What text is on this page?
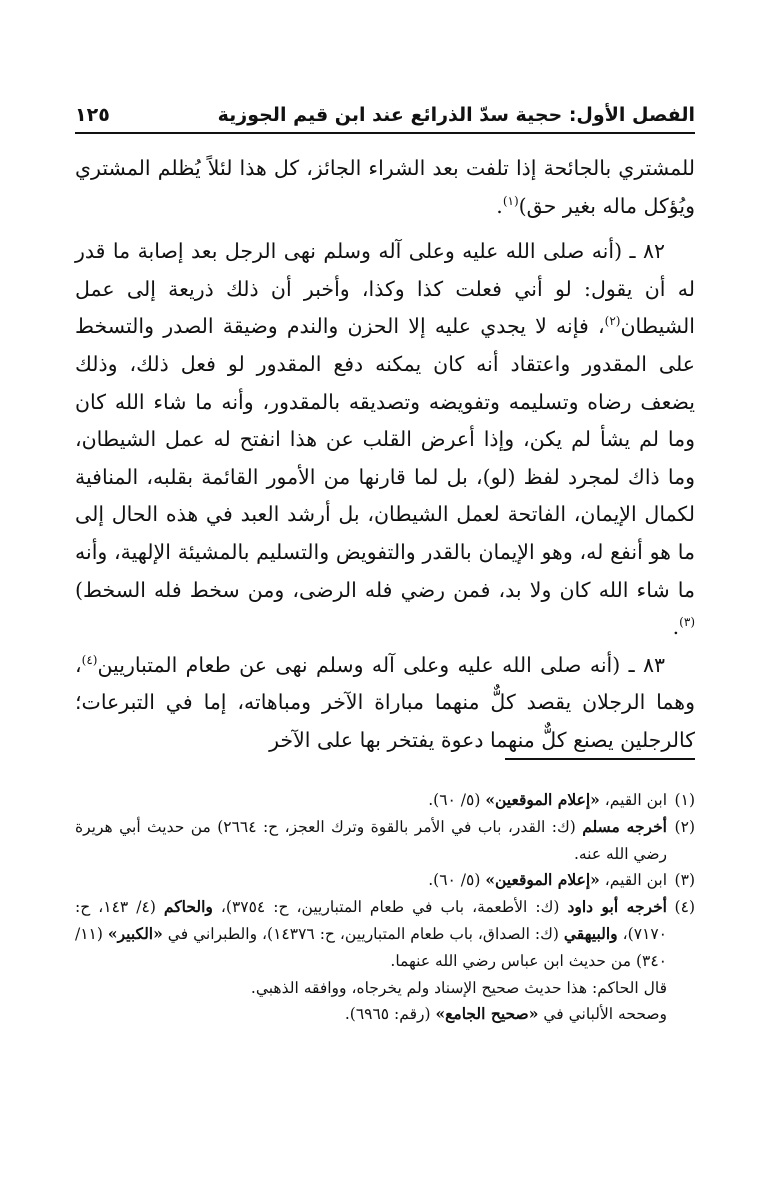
الفصل الأول: حجية سدّ الذرائع عند ابن قيم الجوزية
١٢٥

للمشتري بالجائحة إذا تلفت بعد الشراء الجائز، كل هذا لئلاً يُظلم المشتري ويُؤكل ماله بغير حق)$^{(١)}$.

٨٢ ـ (أنه صلى الله عليه وعلى آله وسلم نهى الرجل بعد إصابة ما قدر له أن يقول: لو أني فعلت كذا وكذا، وأخبر أن ذلك ذريعة إلى عمل الشيطان$^{(٢)}$، فإنه لا يجدي عليه إلا الحزن والندم وضيقة الصدر والتسخط على المقدور واعتقاد أنه كان يمكنه دفع المقدور لو فعل ذلك، وذلك يضعف رضاه وتسليمه وتفويضه وتصديقه بالمقدور، وأنه ما شاء الله كان وما لم يشأ لم يكن، وإذا أعرض القلب عن هذا انفتح له عمل الشيطان، وما ذاك لمجرد لفظ (لو)، بل لما قارنها من الأمور القائمة بقلبه، المنافية لكمال الإيمان، الفاتحة لعمل الشيطان، بل أرشد العبد في هذه الحال إلى ما هو أنفع له، وهو الإيمان بالقدر والتفويض والتسليم بالمشيئة الإلهية، وأنه ما شاء الله كان ولا بد، فمن رضي فله الرضى، ومن سخط فله السخط)$^{(٣)}$.

٨٣ ـ (أنه صلى الله عليه وعلى آله وسلم نهى عن طعام المتباريين$^{(٤)}$، وهما الرجلان يقصد كلٌّ منهما مباراة الآخر ومباهاته، إما في التبرعات؛ كالرجلين يصنع كلٌّ منهما دعوة يفتخر بها على الآخر

(١)
ابن القيم، «إعلام الموقعين» (٥/ ٦٠).
(٢)
أخرجه مسلم (ك: القدر، باب في الأمر بالقوة وترك العجز، ح: ٢٦٦٤) من حديث أبي هريرة رضي الله عنه.
(٣)
ابن القيم، «إعلام الموقعين» (٥/ ٦٠).
(٤)
أخرجه أبو داود (ك: الأطعمة، باب في طعام المتباريين، ح: ٣٧٥٤)، والحاكم (٤/ ١٤٣، ح: ٧١٧٠)، والبيهقي (ك: الصداق، باب طعام المتباريين، ح: ١٤٣٧٦)، والطبراني في «الكبير» (١١/ ٣٤٠) من حديث ابن عباس رضي الله عنهما.
قال الحاكم: هذا حديث صحيح الإسناد ولم يخرجاه، ووافقه الذهبي.
وصححه الألباني في «صحيح الجامع» (رقم: ٦٩٦٥).
